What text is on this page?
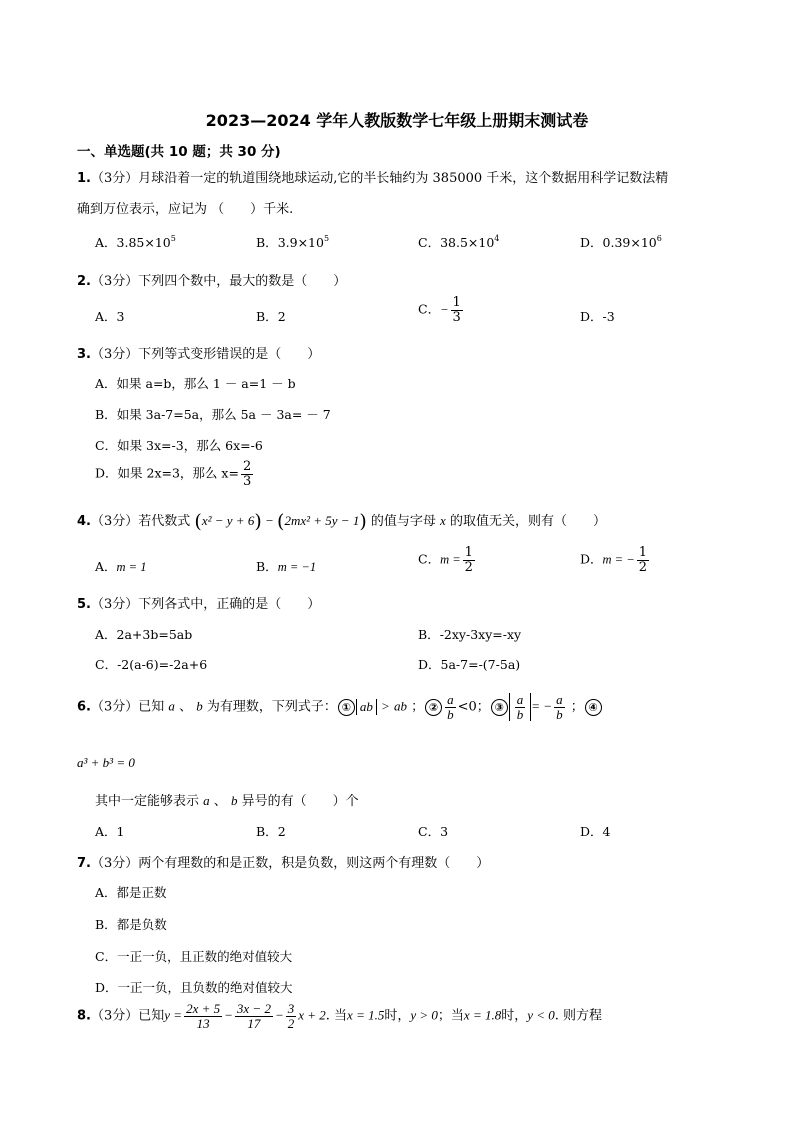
2023—2024 学年人教版数学七年级上册期末测试卷
一、单选题(共 10 题；共 30 分)
1.（3分）月球沿着一定的轨道围绕地球运动,它的半长轴约为 385000 千米，这个数据用科学记数法精
确到万位表示，应记为 （　　）千米.
A．$3.85\times 10^5$	B．$3.9\times 10^5$	C．$38.5\times 10^4$	D．$0.39\times 10^6$
2.（3分）下列四个数中，最大的数是（　　）
A．3	B．2	C．− $\frac{1}{3}$	D．-3
3.（3分）下列等式变形错误的是（　　）
A．如果 a=b，那么 1 － a=1 － b
B．如果 3a-7=5a，那么 5a － 3a= － 7
C．如果 3x=-3，那么 6x=-6
D．如果 2x=3，那么 $x= \frac{2}{3}$
4.（3分）若代数式 (x² − y + 6) − (2mx² + 5y − 1) 的值与字母 x 的取值无关，则有（　　）
A．m = 1	B．m = −1
C．$m = \frac{1}{2}$	D．m = − $\frac{1}{2}$
5.（3分）下列各式中，正确的是（　　）
A．2a+3b=5ab	B．-2xy-3xy=-xy
C．-2(a-6)=-2a+6	D．5a-7=-(7-5a)
6.（3分）已知 a 、 b 为有理数，下列式子： ① ab > ab ； ② $\frac{a}{b} <0$； ③ $\frac{a}{b}$ = − $\frac{a}{b}$ ； ④
a³ + b³ = 0
其中一定能够表示 a 、 b 异号的有（　　）个
A．1	B．2	C．3	D．4
7.（3分）两个有理数的和是正数，积是负数，则这两个有理数（　　）
A．都是正数
B．都是负数
C．一正一负，且正数的绝对值较大
D．一正一负，且负数的绝对值较大
8.（3分）已知$y = \frac{2x + 5}{13} - \frac{3x - 2}{17} - \frac{3}{2}$ x + 2. 当x = 1.5时，y > 0；当x = 1.8时，y < 0. 则方程
